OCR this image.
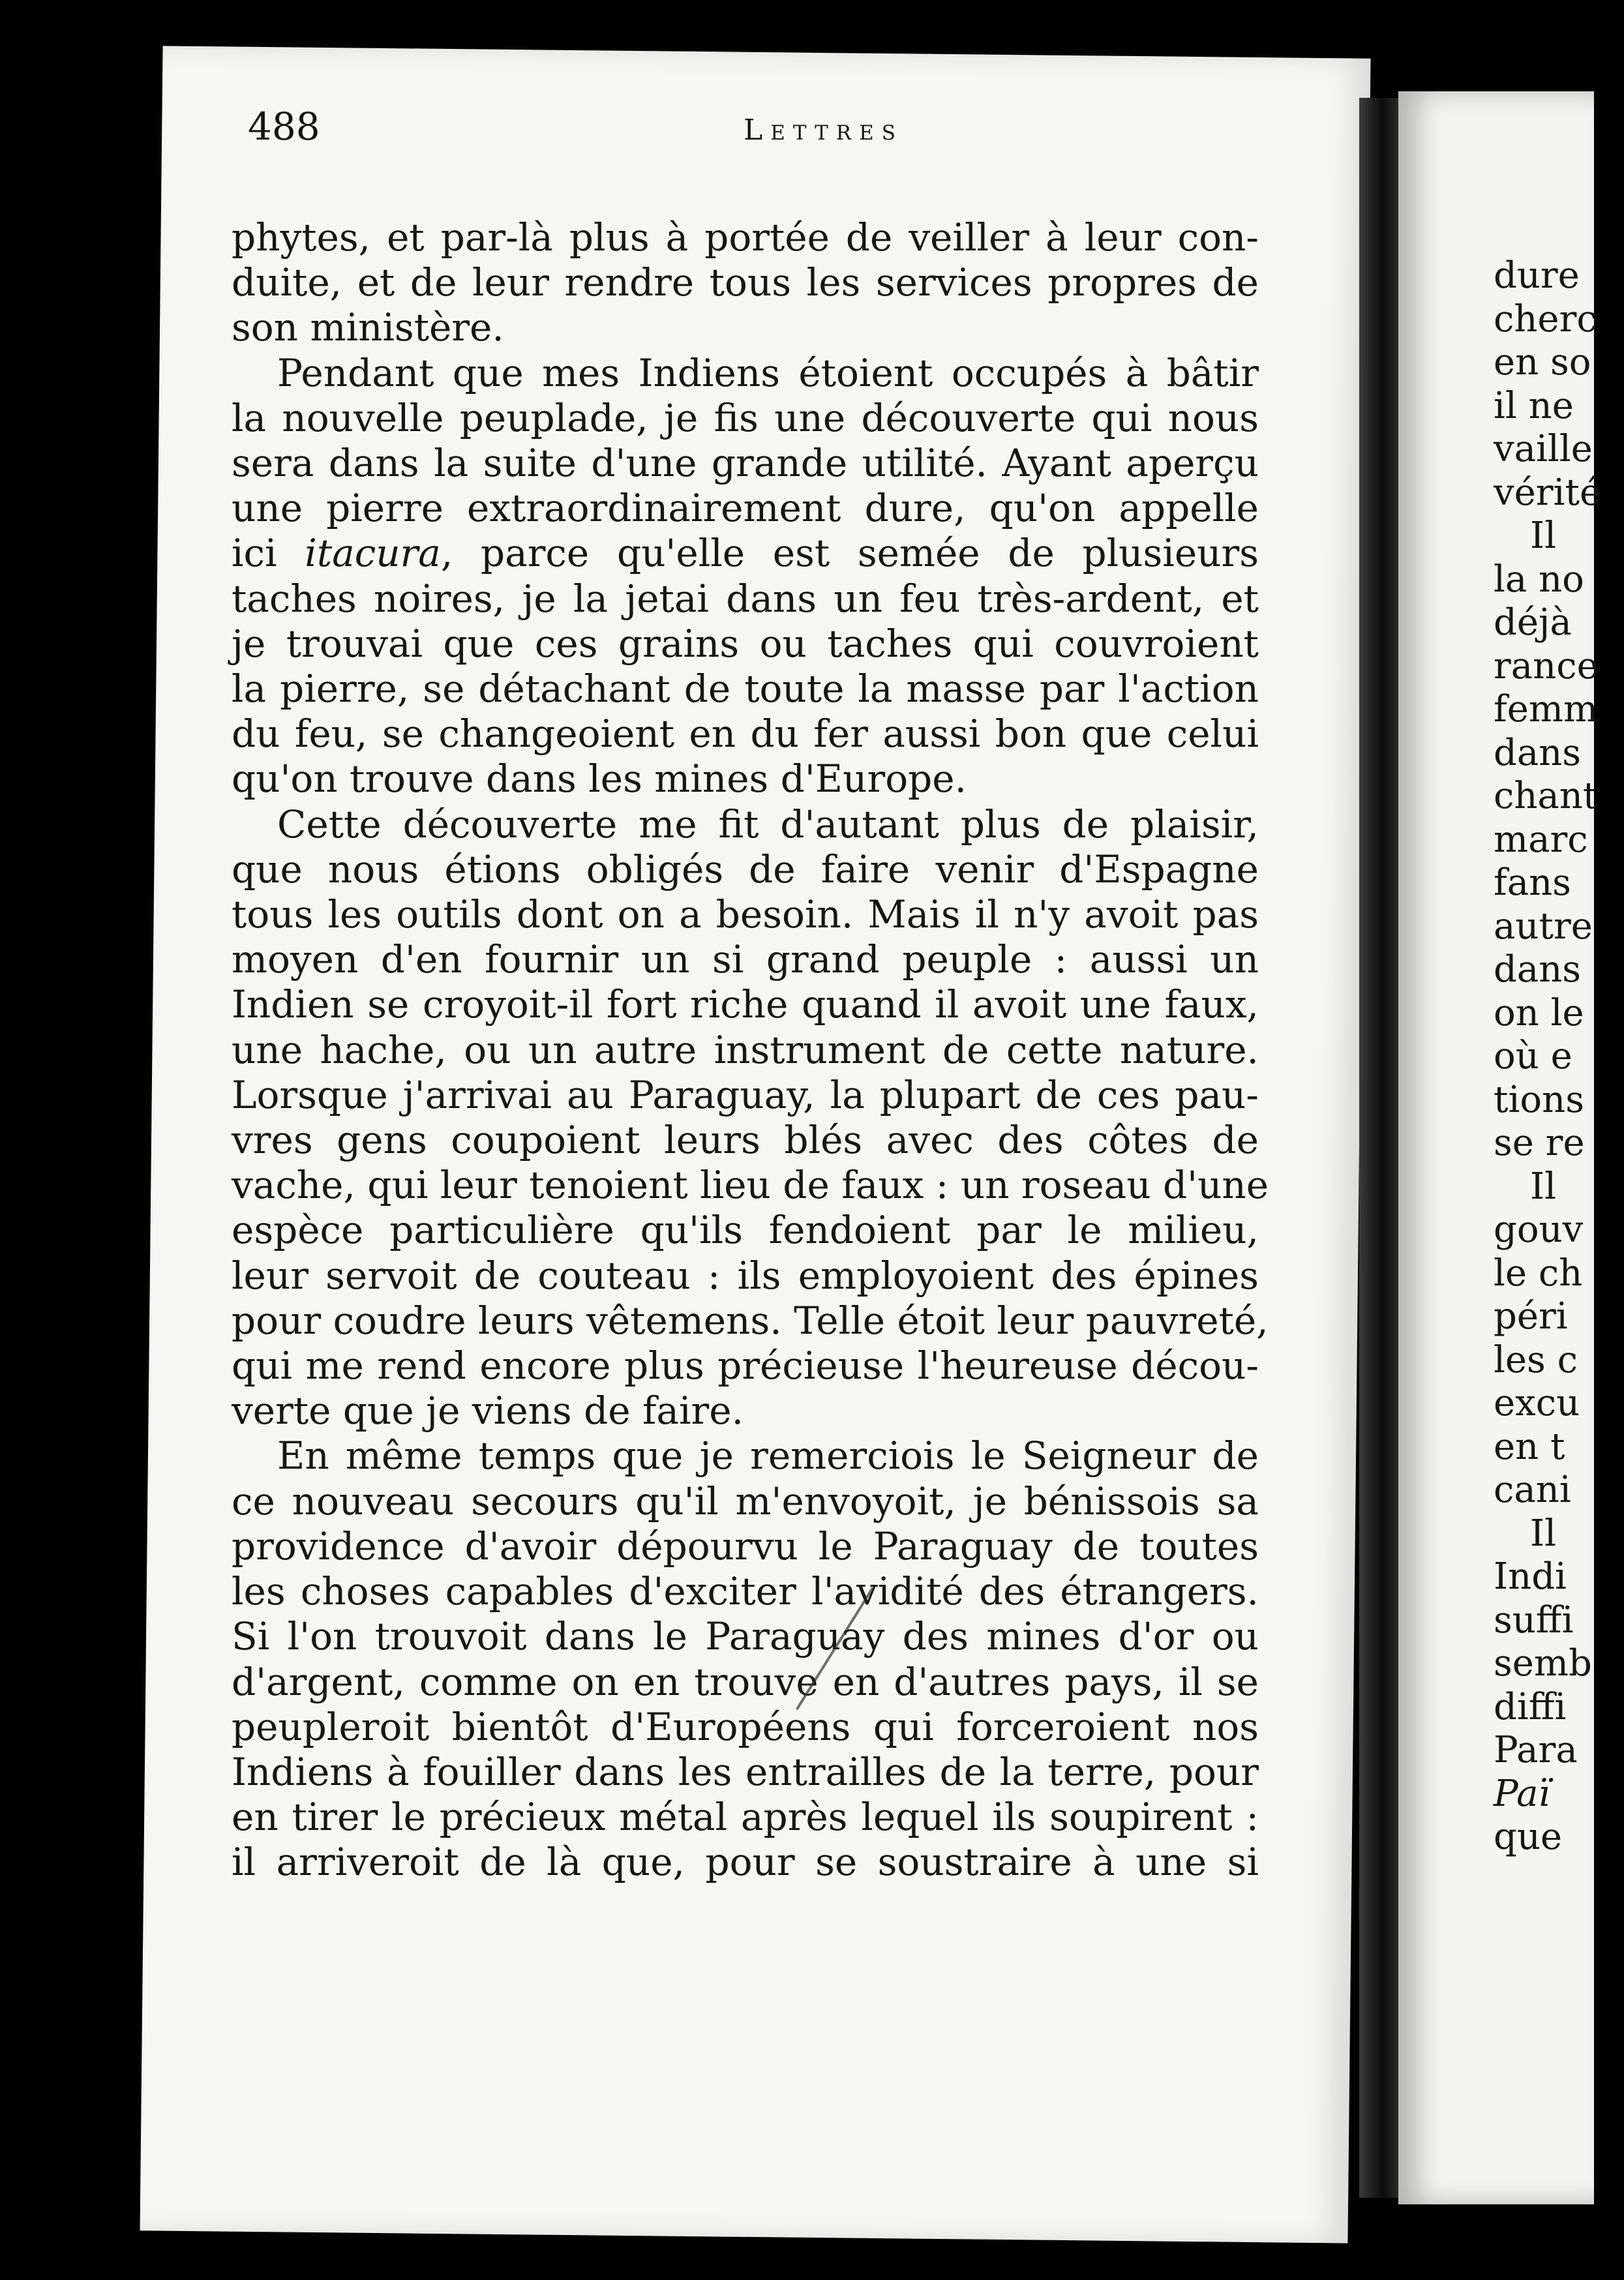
488	Lettres
phytes, et par-là plus à portée de veiller à leur con-
duite, et de leur rendre tous les services propres de
son ministère.
Pendant que mes Indiens étoient occupés à bâtir
la nouvelle peuplade, je fis une découverte qui nous
sera dans la suite d'une grande utilité. Ayant aperçu
une pierre extraordinairement dure, qu'on appelle
ici itacura, parce qu'elle est semée de plusieurs
taches noires, je la jetai dans un feu très-ardent, et
je trouvai que ces grains ou taches qui couvroient
la pierre, se détachant de toute la masse par l'action
du feu, se changeoient en du fer aussi bon que celui
qu'on trouve dans les mines d'Europe.
Cette découverte me fit d'autant plus de plaisir,
que nous étions obligés de faire venir d'Espagne
tous les outils dont on a besoin. Mais il n'y avoit pas
moyen d'en fournir un si grand peuple : aussi un
Indien se croyoit-il fort riche quand il avoit une faux,
une hache, ou un autre instrument de cette nature.
Lorsque j'arrivai au Paraguay, la plupart de ces pau-
vres gens coupoient leurs blés avec des côtes de
vache, qui leur tenoient lieu de faux : un roseau d'une
espèce particulière qu'ils fendoient par le milieu,
leur servoit de couteau : ils employoient des épines
pour coudre leurs vêtemens. Telle étoit leur pauvreté,
qui me rend encore plus précieuse l'heureuse décou-
verte que je viens de faire.
En même temps que je remerciois le Seigneur de
ce nouveau secours qu'il m'envoyoit, je bénissois sa
providence d'avoir dépourvu le Paraguay de toutes
les choses capables d'exciter l'avidité des étrangers.
Si l'on trouvoit dans le Paraguay des mines d'or ou
d'argent, comme on en trouve en d'autres pays, il se
peupleroit bientôt d'Européens qui forceroient nos
Indiens à fouiller dans les entrailles de la terre, pour
en tirer le précieux métal après lequel ils soupirent :
il arriveroit de là que, pour se soustraire à une si
dure
cherc
en so
il ne
vaille
vérité
Il
la no
déjà
rance
femm
dans
chant
marc
fans
autre
dans
on le
où e
tions
se re
Il
gouv
le ch
péri
les c
excu
en t
cani
Il
Indi
suffi
semb
diffi
Para
Paï
que
